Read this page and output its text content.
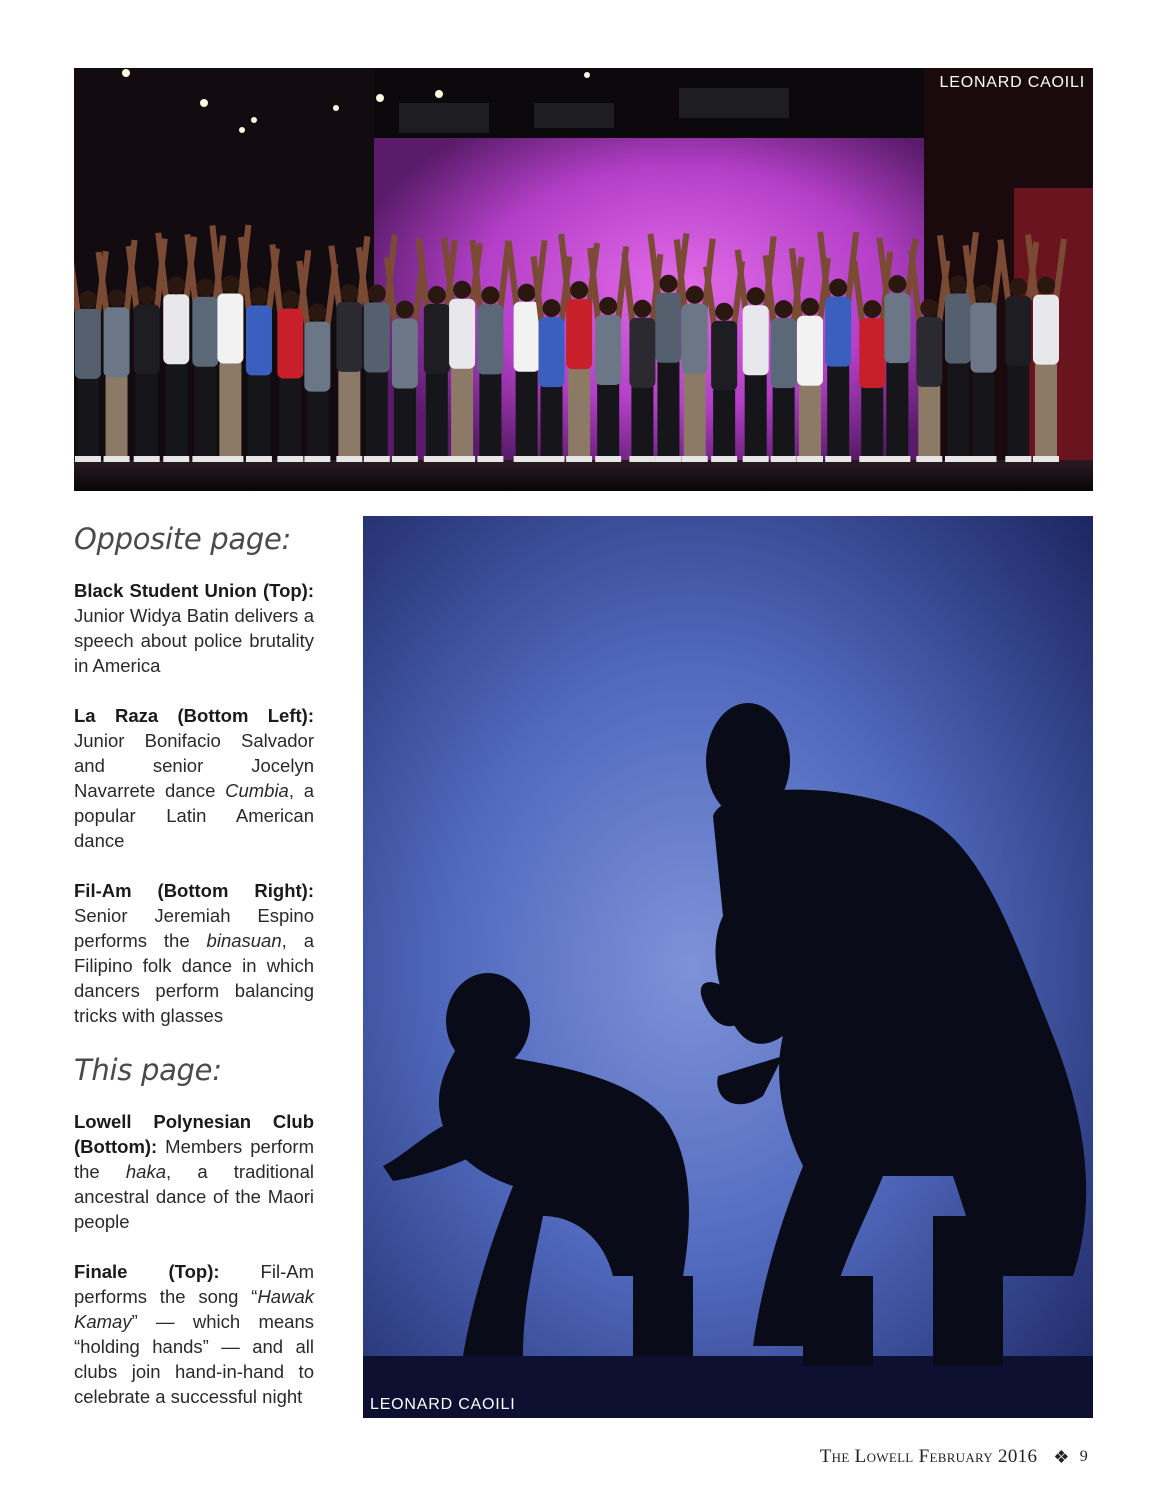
LEONARD CAOILI
Opposite page:

Black Student Union (Top): Junior Widya Batin delivers a speech about police brutality in America

La Raza (Bottom Left): Junior Bonifacio Salvador and senior Jocelyn Navarrete dance Cumbia, a popular Latin American dance

Fil-Am (Bottom Right): Senior Jeremiah Espino performs the binasuan, a Filipino folk dance in which dancers perform balancing tricks with glasses

This page:

Lowell Polynesian Club (Bottom): Members perform the haka, a traditional ancestral dance of the Maori people

Finale (Top): Fil-Am performs the song “Hawak Kamay” — which means “holding hands” — and all clubs join hand-in-hand to celebrate a successful night	LEONARD CAOILI
The Lowell
February 2016 ❖ 9
